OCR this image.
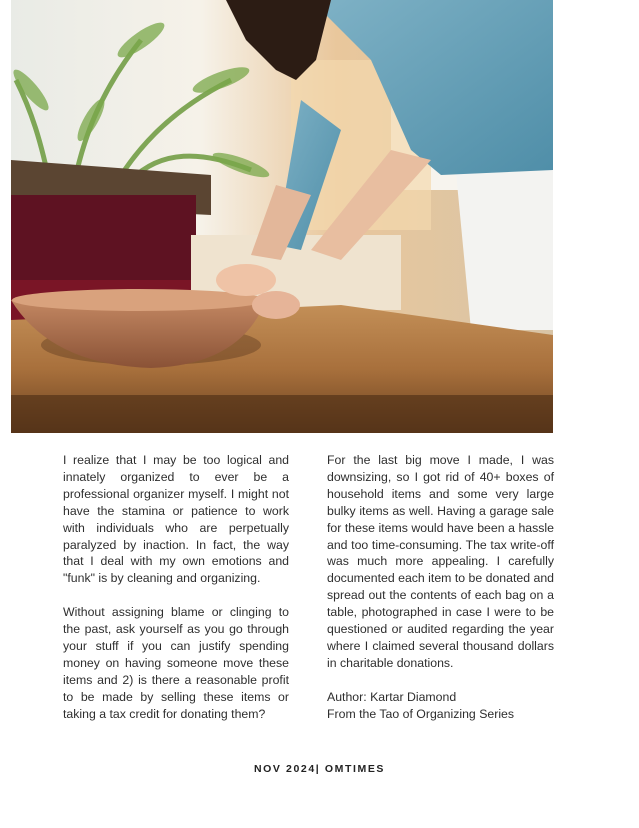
I realize that I may be too logical and innately organized to ever be a professional organizer myself. I might not have the stamina or patience to work with individuals who are perpetually paralyzed by inaction. In fact, the way that I deal with my own emotions and "funk" is by cleaning and organizing.

Without assigning blame or clinging to the past, ask yourself as you go through your stuff if you can justify spending money on having someone move these items and 2) is there a reasonable profit to be made by selling these items or taking a tax credit for donating them?

For the last big move I made, I was downsizing, so I got rid of 40+ boxes of household items and some very large bulky items as well. Having a garage sale for these items would have been a hassle and too time-consuming. The tax write-off was much more appealing. I carefully documented each item to be donated and spread out the contents of each bag on a table, photographed in case I were to be questioned or audited regarding the year where I claimed several thousand dollars in charitable donations.

Author: Kartar Diamond
From the Tao of Organizing Series

NOV 2024| OMTIMES
